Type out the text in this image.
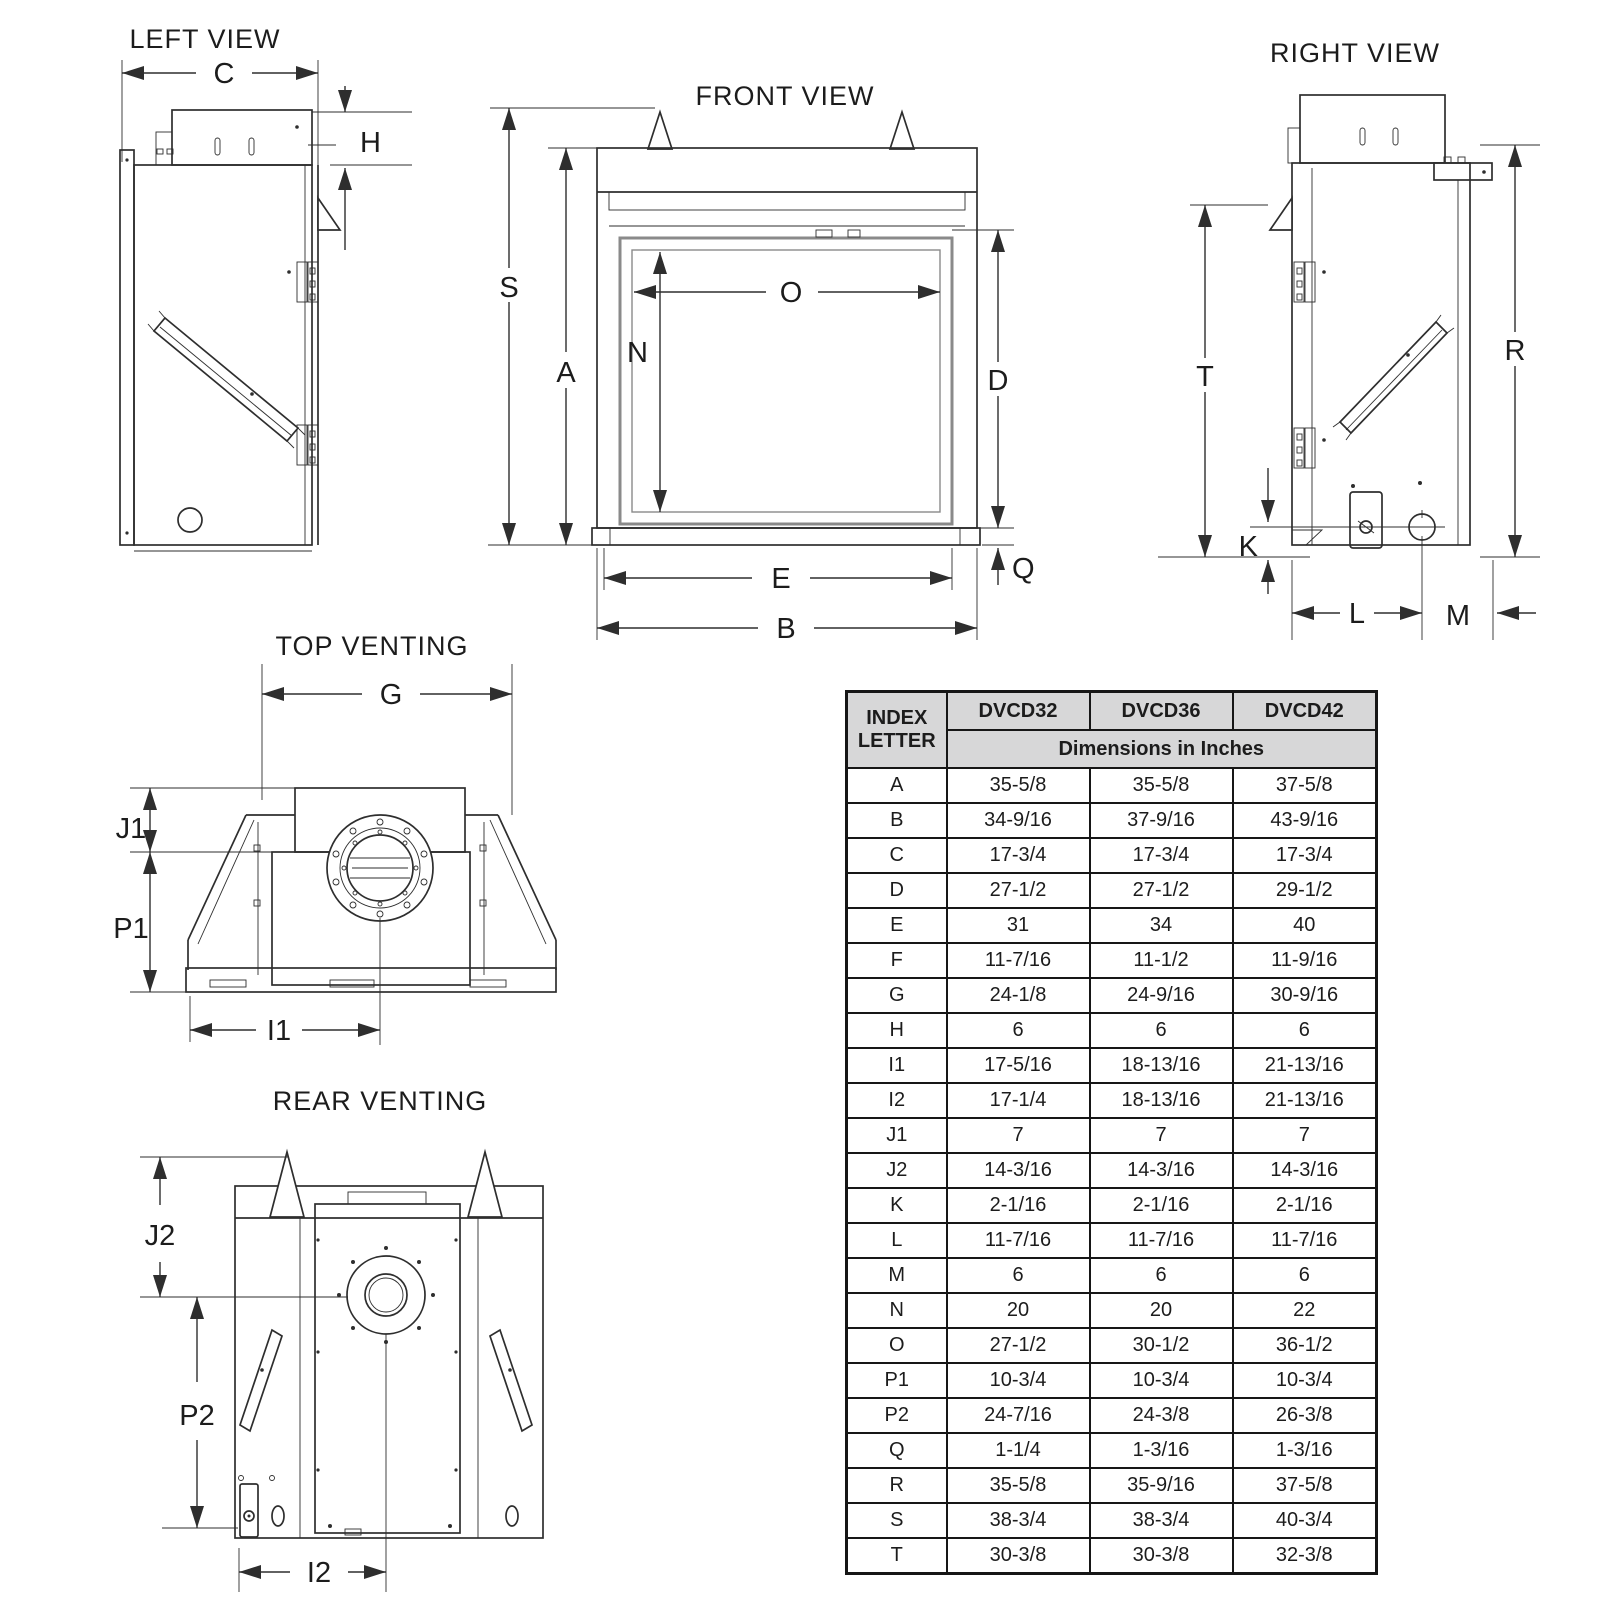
LEFT VIEW
C
H
FRONT VIEW
S
A
N
O
D
Q
E
B
RIGHT VIEW
T
R
K
L	M
TOP VENTING
G
J1
P1
I1
REAR VENTING
J2
P2
I2
INDEX
LETTER	DVCD32	DVCD36	DVCD42
	Dimensions in Inches		
A	35-5/8	35-5/8	37-5/8
B	34-9/16	37-9/16	43-9/16
C	17-3/4	17-3/4	17-3/4
D	27-1/2	27-1/2	29-1/2
E	31	34	40
F	11-7/16	11-1/2	11-9/16
G	24-1/8	24-9/16	30-9/16
H	6	6	6
I1	17-5/16	18-13/16	21-13/16
I2	17-1/4	18-13/16	21-13/16
J1	7	7	7
J2	14-3/16	14-3/16	14-3/16
K	2-1/16	2-1/16	2-1/16
L	11-7/16	11-7/16	11-7/16
M	6	6	6
N	20	20	22
O	27-1/2	30-1/2	36-1/2
P1	10-3/4	10-3/4	10-3/4
P2	24-7/16	24-3/8	26-3/8
Q	1-1/4	1-3/16	1-3/16
R	35-5/8	35-9/16	37-5/8
S	38-3/4	38-3/4	40-3/4
T	30-3/8	30-3/8	32-3/8
